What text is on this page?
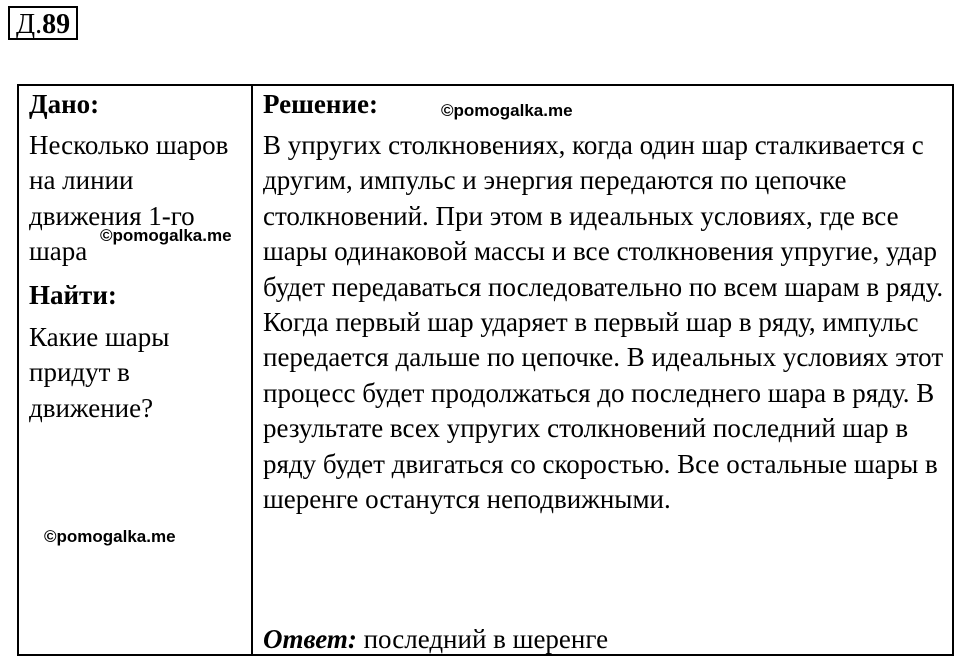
Д.89
Дано:
Несколько шаров на линии движения 1-го шара
Найти:
Какие шары придут в движение?
Решение:
В упругих столкновениях, когда один шар сталкивается с другим, импульс и энергия передаются по цепочке столкновений. При этом в идеальных условиях, где все шары одинаковой массы и все столкновения упругие, удар будет передаваться последовательно по всем шарам в ряду. Когда первый шар ударяет в первый шар в ряду, импульс передается дальше по цепочке. В идеальных условиях этот процесс будет продолжаться до последнего шара в ряду. В результате всех упругих столкновений последний шар в ряду будет двигаться со скоростью. Все остальные шары в шеренге останутся неподвижными.
Ответ: последний в шеренге
©pomogalka.me
©pomogalka.me
©pomogalka.me
